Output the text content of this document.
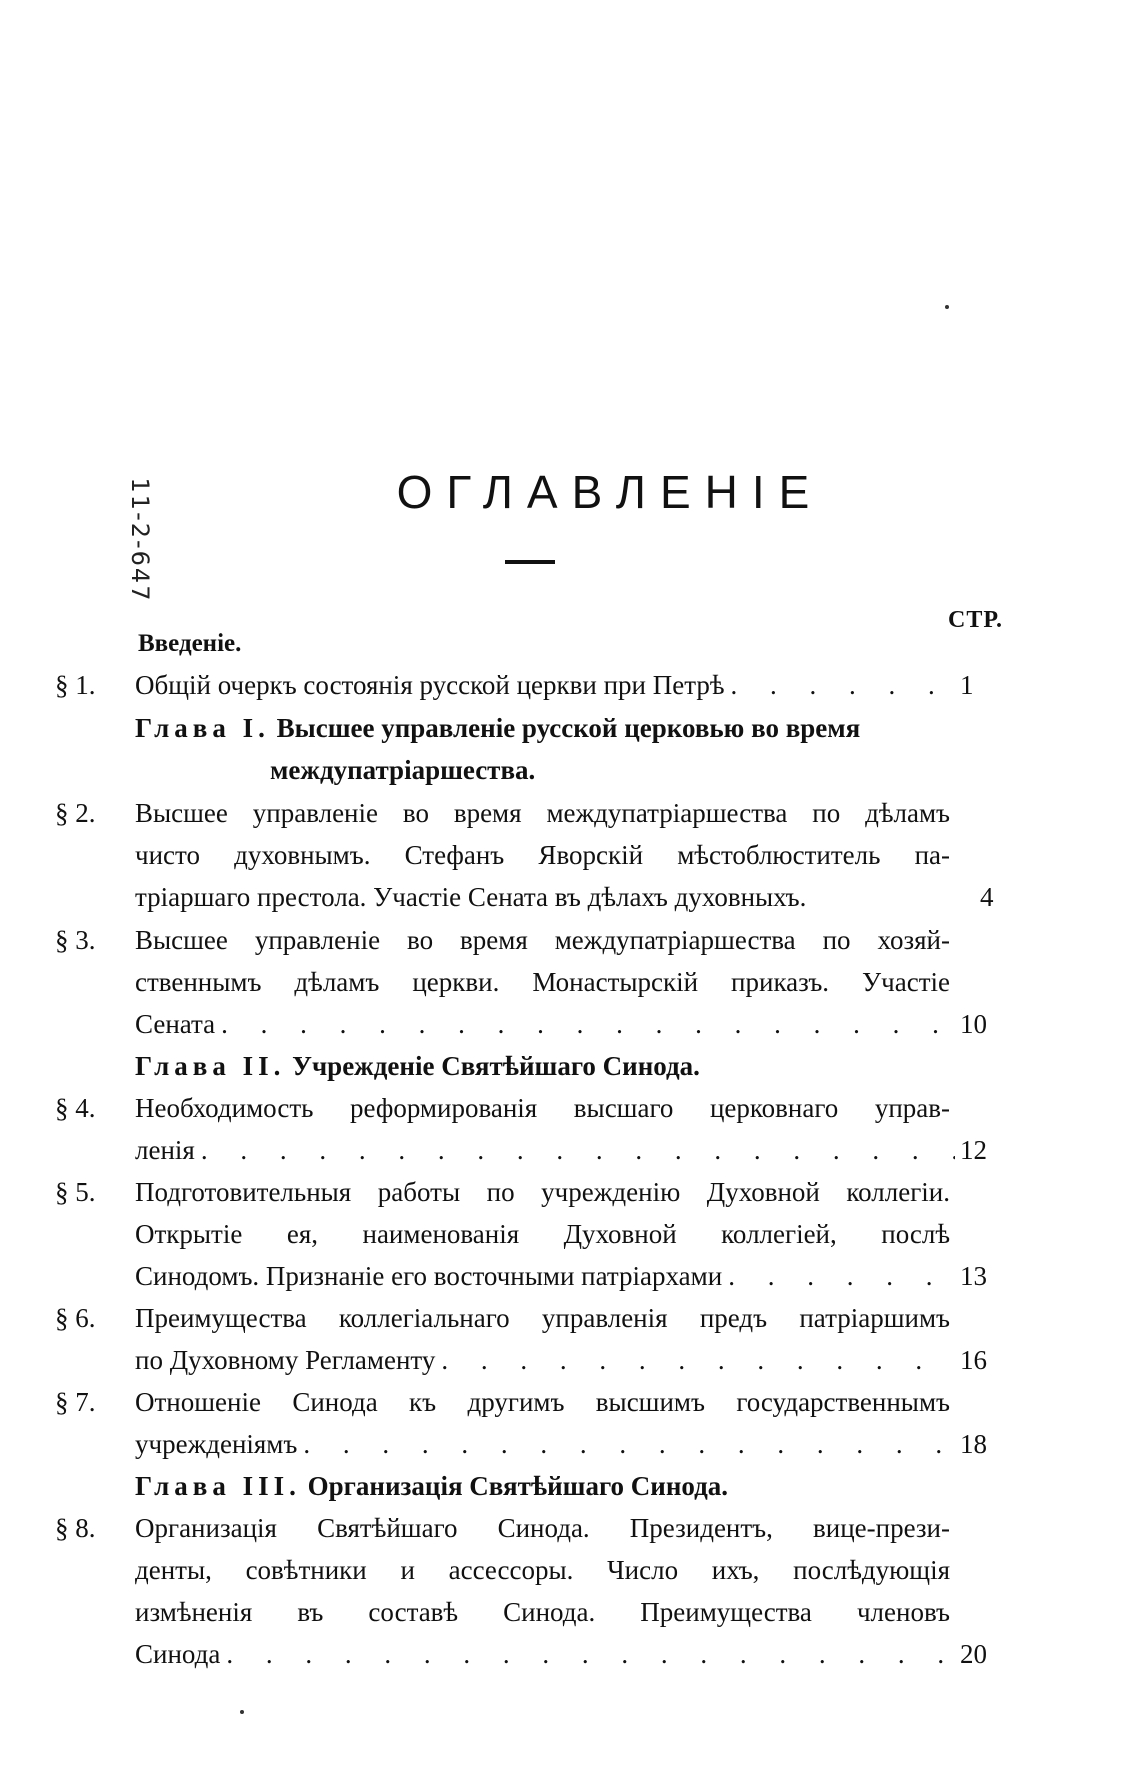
11-2-647	ОГЛАВЛЕНІЕ
СТР.
Введеніе.
§ 1.	Общій очеркъ состоянія русской церкви при Петрѣ . . .	1
Глава I. Высшее управленіе русской церковью во время
междупатріаршества.
§ 2.	Высшее управленіе во время междупатріаршества по дѣламъ
чисто духовнымъ. Стефанъ Яворскій мѣстоблюститель па-
тріаршаго престола. Участіе Сената въ дѣлахъ духовныхъ.	4
§ 3.	Высшее управленіе во время междупатріаршества по хозяй-
ственнымъ дѣламъ церкви. Монастырскій приказъ. Участіе
Сената . . .	10
Глава II. Учрежденіе Святѣйшаго Синода.
§ 4.	Необходимость реформированія высшаго церковнаго управ-
ленія . . .	12
§ 5.	Подготовительныя работы по учрежденію Духовной коллегіи.
Открытіе ея, наименованія Духовной коллегіей, послѣ
Синодомъ. Признаніе его восточными патріархами . . .	13
§ 6.	Преимущества коллегіальнаго управленія предъ патріаршимъ
по Духовному Регламенту . . .	16
§ 7.	Отношеніе Синода къ другимъ высшимъ государственнымъ
учрежденіямъ . . .	18
Глава III. Организація Святѣйшаго Синода.
§ 8.	Организація Святѣйшаго Синода. Президентъ, вице-прези-
денты, совѣтники и ассессоры. Число ихъ, послѣдующія
измѣненія въ составѣ Синода. Преимущества членовъ
Синода . . .	20
